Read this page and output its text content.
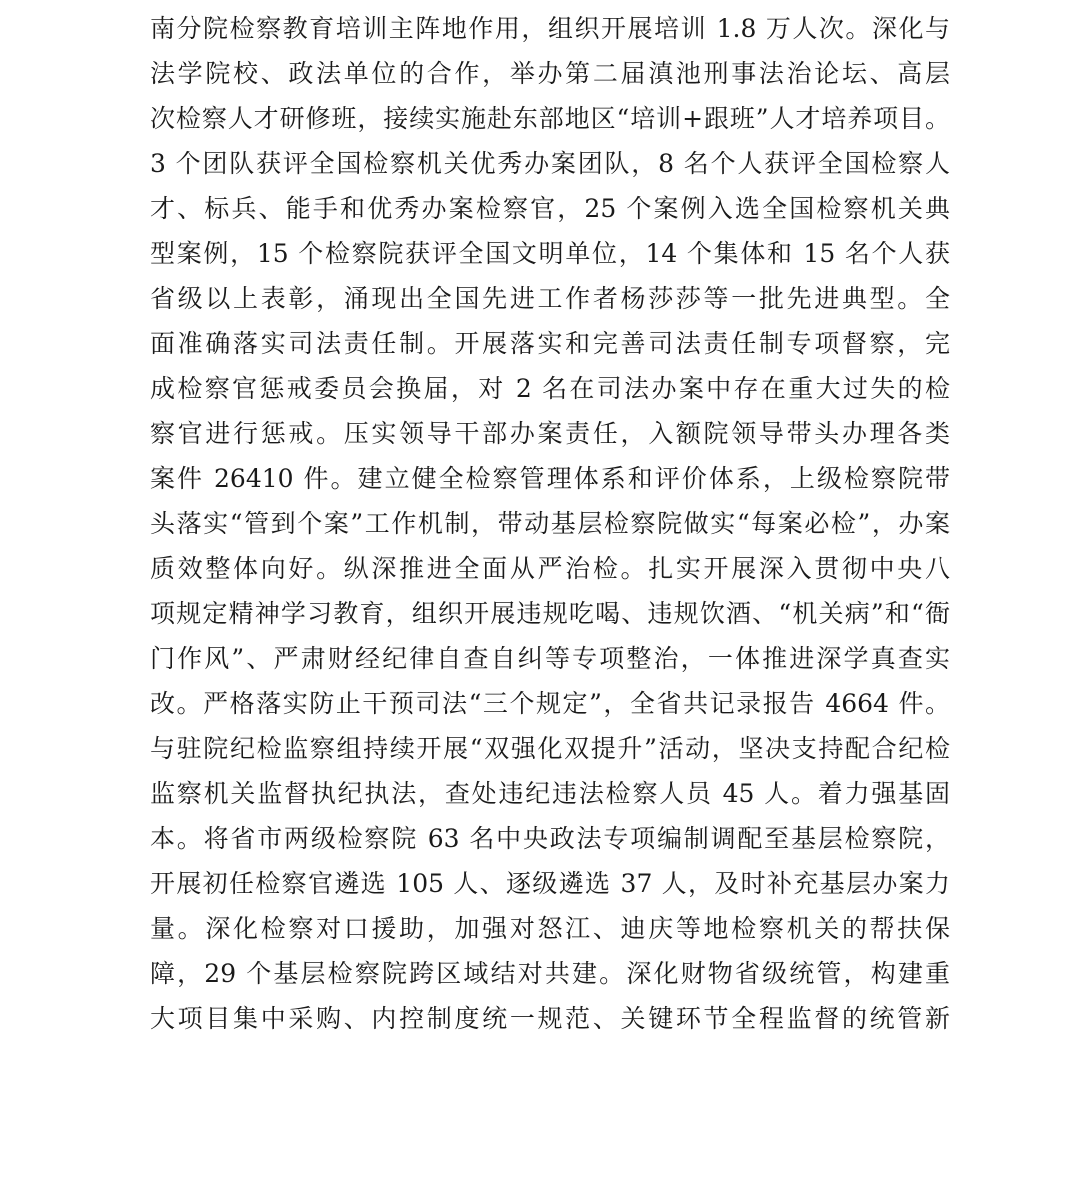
南分院检察教育培训主阵地作用，组织开展培训 1.8 万人次。深化与
法学院校、政法单位的合作，举办第二届滇池刑事法治论坛、高层
次检察人才研修班，接续实施赴东部地区“培训+跟班”人才培养项目。
3 个团队获评全国检察机关优秀办案团队，8 名个人获评全国检察人
才、标兵、能手和优秀办案检察官，25 个案例入选全国检察机关典
型案例，15 个检察院获评全国文明单位，14 个集体和 15 名个人获
省级以上表彰，涌现出全国先进工作者杨莎莎等一批先进典型。全
面准确落实司法责任制。开展落实和完善司法责任制专项督察，完
成检察官惩戒委员会换届，对 2 名在司法办案中存在重大过失的检
察官进行惩戒。压实领导干部办案责任，入额院领导带头办理各类
案件 26410 件。建立健全检察管理体系和评价体系，上级检察院带
头落实“管到个案”工作机制，带动基层检察院做实“每案必检”，办案
质效整体向好。纵深推进全面从严治检。扎实开展深入贯彻中央八
项规定精神学习教育，组织开展违规吃喝、违规饮酒、“机关病”和“衙
门作风”、严肃财经纪律自查自纠等专项整治，一体推进深学真查实
改。严格落实防止干预司法“三个规定”，全省共记录报告 4664 件。
与驻院纪检监察组持续开展“双强化双提升”活动，坚决支持配合纪检
监察机关监督执纪执法，查处违纪违法检察人员 45 人。着力强基固
本。将省市两级检察院 63 名中央政法专项编制调配至基层检察院，
开展初任检察官遴选 105 人、逐级遴选 37 人，及时补充基层办案力
量。深化检察对口援助，加强对怒江、迪庆等地检察机关的帮扶保
障，29 个基层检察院跨区域结对共建。深化财物省级统管，构建重
大项目集中采购、内控制度统一规范、关键环节全程监督的统管新
